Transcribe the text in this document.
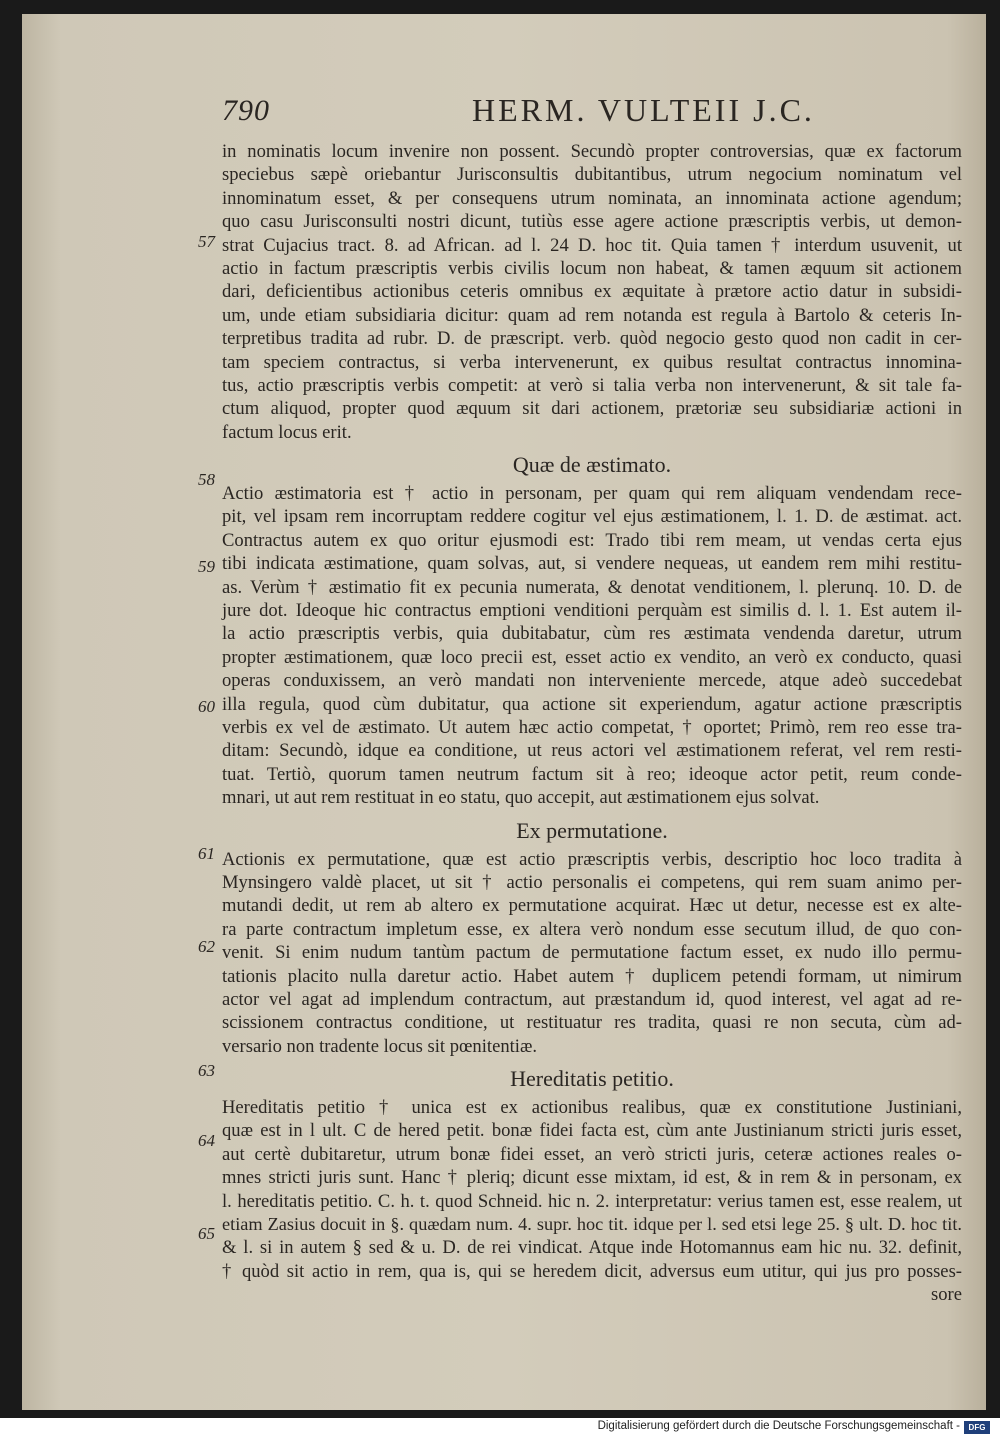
790	HERM. VULTEII J.C.
57
58
59
60
61
62
63
64
65
in nominatis locum invenire non possent. Secundò propter controversias, quæ ex factorum
speciebus sæpè oriebantur Jurisconsultis dubitantibus, utrum negocium nominatum vel
innominatum esset, & per consequens utrum nominata, an innominata actione agendum;
quo casu Jurisconsulti nostri dicunt, tutiùs esse agere actione præscriptis verbis, ut demon-
strat Cujacius tract. 8. ad African. ad l. 24 D. hoc tit. Quia tamen † interdum usuvenit, ut
actio in factum præscriptis verbis civilis locum non habeat, & tamen æquum sit actionem
dari, deficientibus actionibus ceteris omnibus ex æquitate à prætore actio datur in subsidi-
um, unde etiam subsidiaria dicitur: quam ad rem notanda est regula à Bartolo & ceteris In-
terpretibus tradita ad rubr. D. de præscript. verb. quòd negocio gesto quod non cadit in cer-
tam speciem contractus, si verba intervenerunt, ex quibus resultat contractus innomina-
tus, actio præscriptis verbis competit: at verò si talia verba non intervenerunt, & sit tale fa-
ctum aliquod, propter quod æquum sit dari actionem, prætoriæ seu subsidiariæ actioni in
factum locus erit.
Quæ de æstimato.
Actio æstimatoria est † actio in personam, per quam qui rem aliquam vendendam rece-
pit, vel ipsam rem incorruptam reddere cogitur vel ejus æstimationem, l. 1. D. de æstimat. act.
Contractus autem ex quo oritur ejusmodi est: Trado tibi rem meam, ut vendas certa ejus
tibi indicata æstimatione, quam solvas, aut, si vendere nequeas, ut eandem rem mihi restitu-
as. Verùm † æstimatio fit ex pecunia numerata, & denotat venditionem, l. plerunq. 10. D. de
jure dot. Ideoque hic contractus emptioni venditioni perquàm est similis d. l. 1. Est autem il-
la actio præscriptis verbis, quia dubitabatur, cùm res æstimata vendenda daretur, utrum
propter æstimationem, quæ loco precii est, esset actio ex vendito, an verò ex conducto, quasi
operas conduxissem, an verò mandati non interveniente mercede, atque adeò succedebat
illa regula, quod cùm dubitatur, qua actione sit experiendum, agatur actione præscriptis
verbis ex vel de æstimato. Ut autem hæc actio competat, † oportet; Primò, rem reo esse tra-
ditam: Secundò, idque ea conditione, ut reus actori vel æstimationem referat, vel rem resti-
tuat. Tertiò, quorum tamen neutrum factum sit à reo; ideoque actor petit, reum conde-
mnari, ut aut rem restituat in eo statu, quo accepit, aut æstimationem ejus solvat.
Ex permutatione.
Actionis ex permutatione, quæ est actio præscriptis verbis, descriptio hoc loco tradita à
Mynsingero valdè placet, ut sit † actio personalis ei competens, qui rem suam animo per-
mutandi dedit, ut rem ab altero ex permutatione acquirat. Hæc ut detur, necesse est ex alte-
ra parte contractum impletum esse, ex altera verò nondum esse secutum illud, de quo con-
venit. Si enim nudum tantùm pactum de permutatione factum esset, ex nudo illo permu-
tationis placito nulla daretur actio. Habet autem † duplicem petendi formam, ut nimirum
actor vel agat ad implendum contractum, aut præstandum id, quod interest, vel agat ad re-
scissionem contractus conditione, ut restituatur res tradita, quasi re non secuta, cùm ad-
versario non tradente locus sit pœnitentiæ.
Hereditatis petitio.
Hereditatis petitio † unica est ex actionibus realibus, quæ ex constitutione Justiniani,
quæ est in l ult. C de hered petit. bonæ fidei facta est, cùm ante Justinianum stricti juris esset,
aut certè dubitaretur, utrum bonæ fidei esset, an verò stricti juris, ceteræ actiones reales o-
mnes stricti juris sunt. Hanc † pleriq; dicunt esse mixtam, id est, & in rem & in personam, ex
l. hereditatis petitio. C. h. t. quod Schneid. hic n. 2. interpretatur: verius tamen est, esse realem, ut
etiam Zasius docuit in §. quædam num. 4. supr. hoc tit. idque per l. sed etsi lege 25. § ult. D. hoc tit.
& l. si in autem § sed & u. D. de rei vindicat. Atque inde Hotomannus eam hic nu. 32. definit,
† quòd sit actio in rem, qua is, qui se heredem dicit, adversus eum utitur, qui jus pro posses-
sore
Digitalisierung gefördert durch die Deutsche Forschungsgemeinschaft -	DFG
